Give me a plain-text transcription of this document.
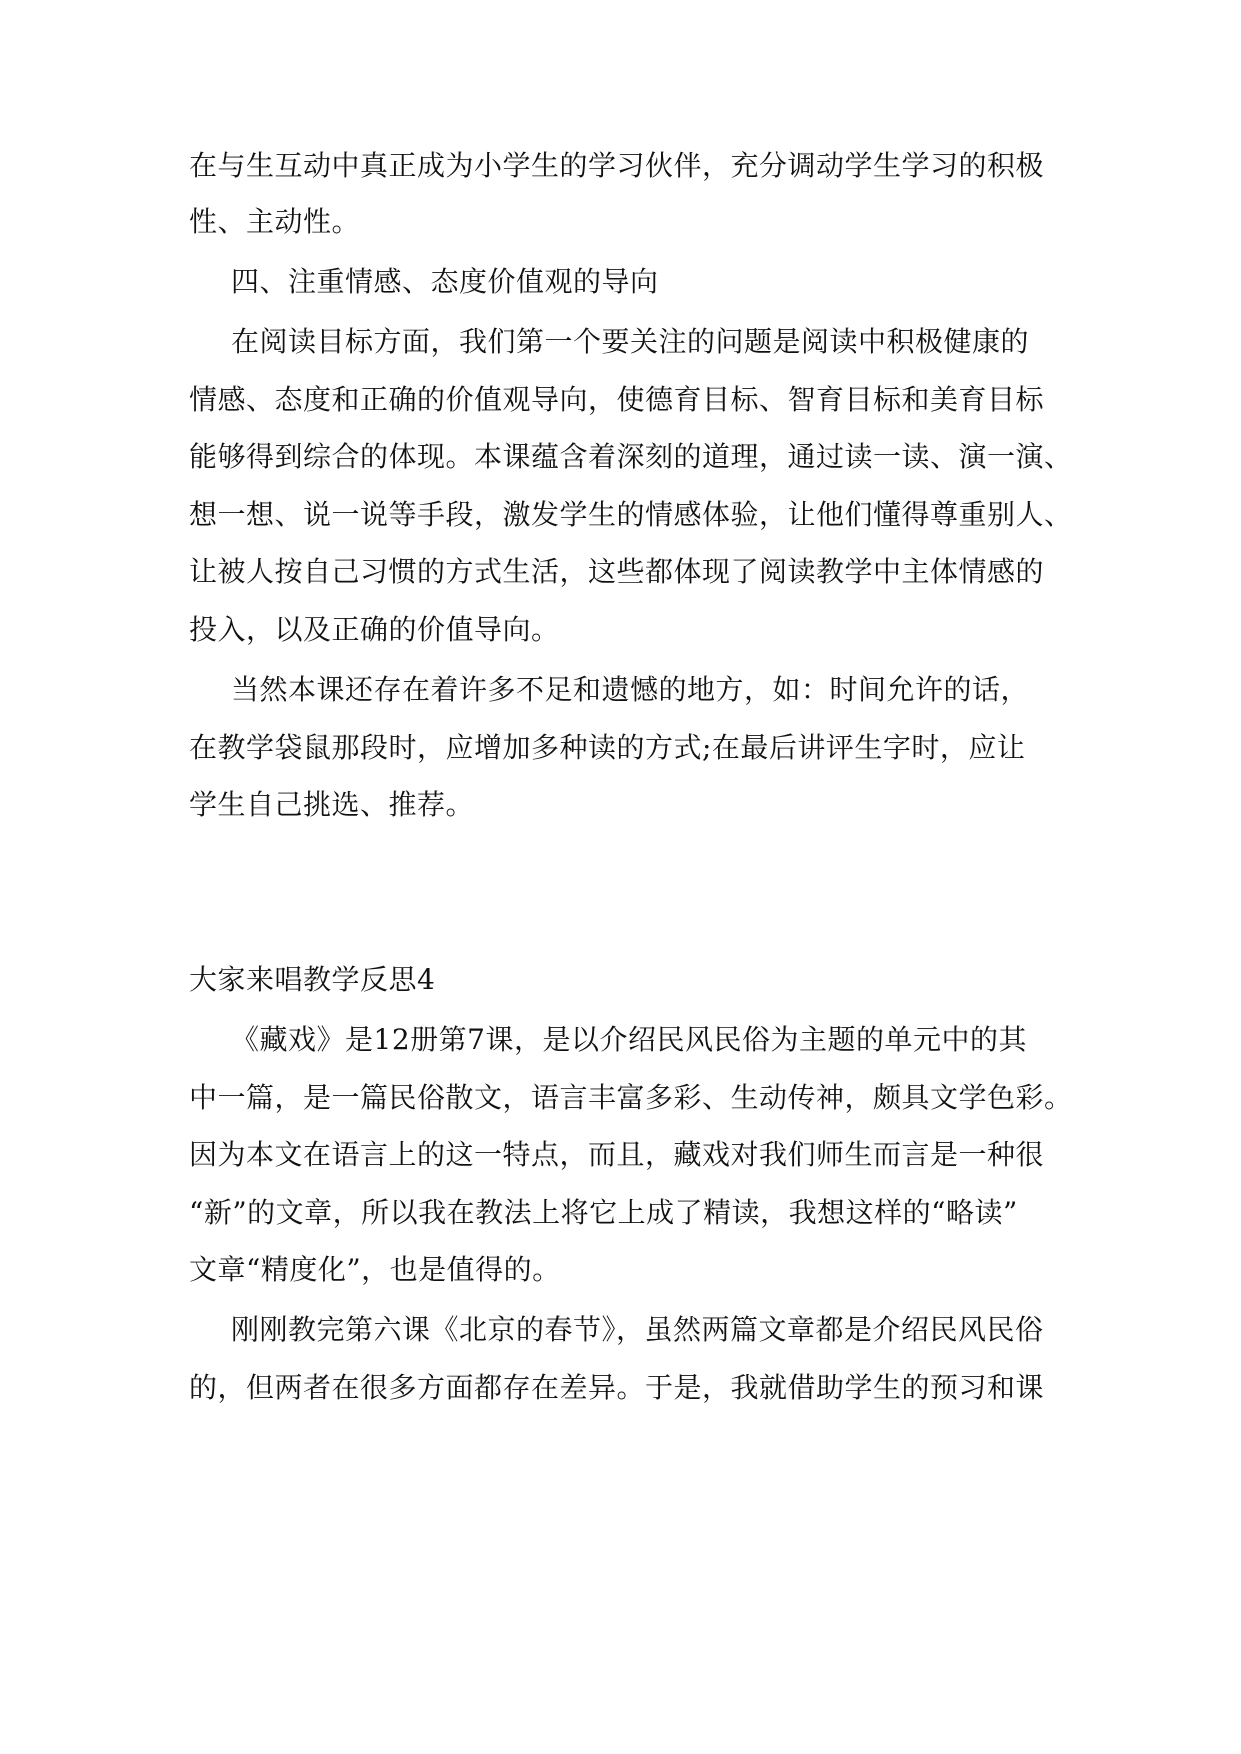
在与生互动中真正成为小学生的学习伙伴，充分调动学生学习的积极
性、主动性。
四、注重情感、态度价值观的导向
在阅读目标方面，我们第一个要关注的问题是阅读中积极健康的
情感、态度和正确的价值观导向，使德育目标、智育目标和美育目标
能够得到综合的体现。本课蕴含着深刻的道理，通过读一读、演一演、
想一想、说一说等手段，激发学生的情感体验，让他们懂得尊重别人、
让被人按自己习惯的方式生活，这些都体现了阅读教学中主体情感的
投入，以及正确的价值导向。
当然本课还存在着许多不足和遗憾的地方，如：时间允许的话，
在教学袋鼠那段时，应增加多种读的方式;在最后讲评生字时，应让
学生自己挑选、推荐。
大家来唱教学反思4
《藏戏》是12册第7课，是以介绍民风民俗为主题的单元中的其
中一篇，是一篇民俗散文，语言丰富多彩、生动传神，颇具文学色彩。
因为本文在语言上的这一特点，而且，藏戏对我们师生而言是一种很
“新”的文章，所以我在教法上将它上成了精读，我想这样的“略读”
文章“精度化”，也是值得的。
刚刚教完第六课《北京的春节》，虽然两篇文章都是介绍民风民俗
的，但两者在很多方面都存在差异。于是，我就借助学生的预习和课
